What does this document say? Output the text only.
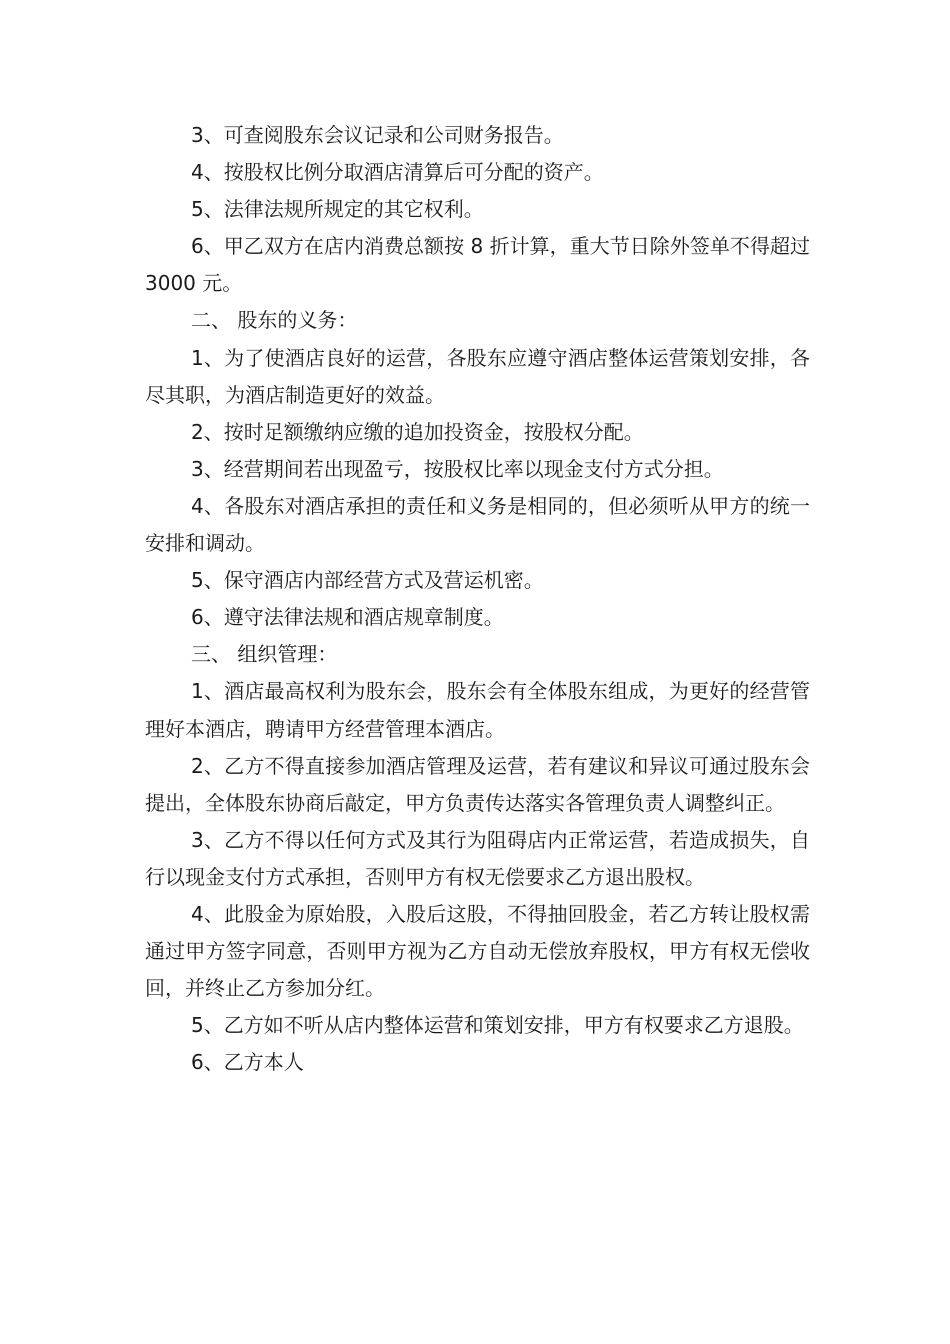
3、可查阅股东会议记录和公司财务报告。

4、按股权比例分取酒店清算后可分配的资产。

5、法律法规所规定的其它权利。

6、甲乙双方在店内消费总额按 8 折计算，重大节日除外签单不得超过 3000 元。

二、 股东的义务：

1、为了使酒店良好的运营，各股东应遵守酒店整体运营策划安排，各尽其职，为酒店制造更好的效益。

2、按时足额缴纳应缴的追加投资金，按股权分配。

3、经营期间若出现盈亏，按股权比率以现金支付方式分担。

4、各股东对酒店承担的责任和义务是相同的，但必须听从甲方的统一安排和调动。

5、保守酒店内部经营方式及营运机密。

6、遵守法律法规和酒店规章制度。

三、 组织管理：

1、酒店最高权利为股东会，股东会有全体股东组成，为更好的经营管理好本酒店，聘请甲方经营管理本酒店。

2、乙方不得直接参加酒店管理及运营，若有建议和异议可通过股东会提出，全体股东协商后敲定，甲方负责传达落实各管理负责人调整纠正。

3、乙方不得以任何方式及其行为阻碍店内正常运营，若造成损失，自行以现金支付方式承担，否则甲方有权无偿要求乙方退出股权。

4、此股金为原始股，入股后这股，不得抽回股金，若乙方转让股权需通过甲方签字同意，否则甲方视为乙方自动无偿放弃股权，甲方有权无偿收回，并终止乙方参加分红。

5、乙方如不听从店内整体运营和策划安排，甲方有权要求乙方退股。

6、乙方本人
